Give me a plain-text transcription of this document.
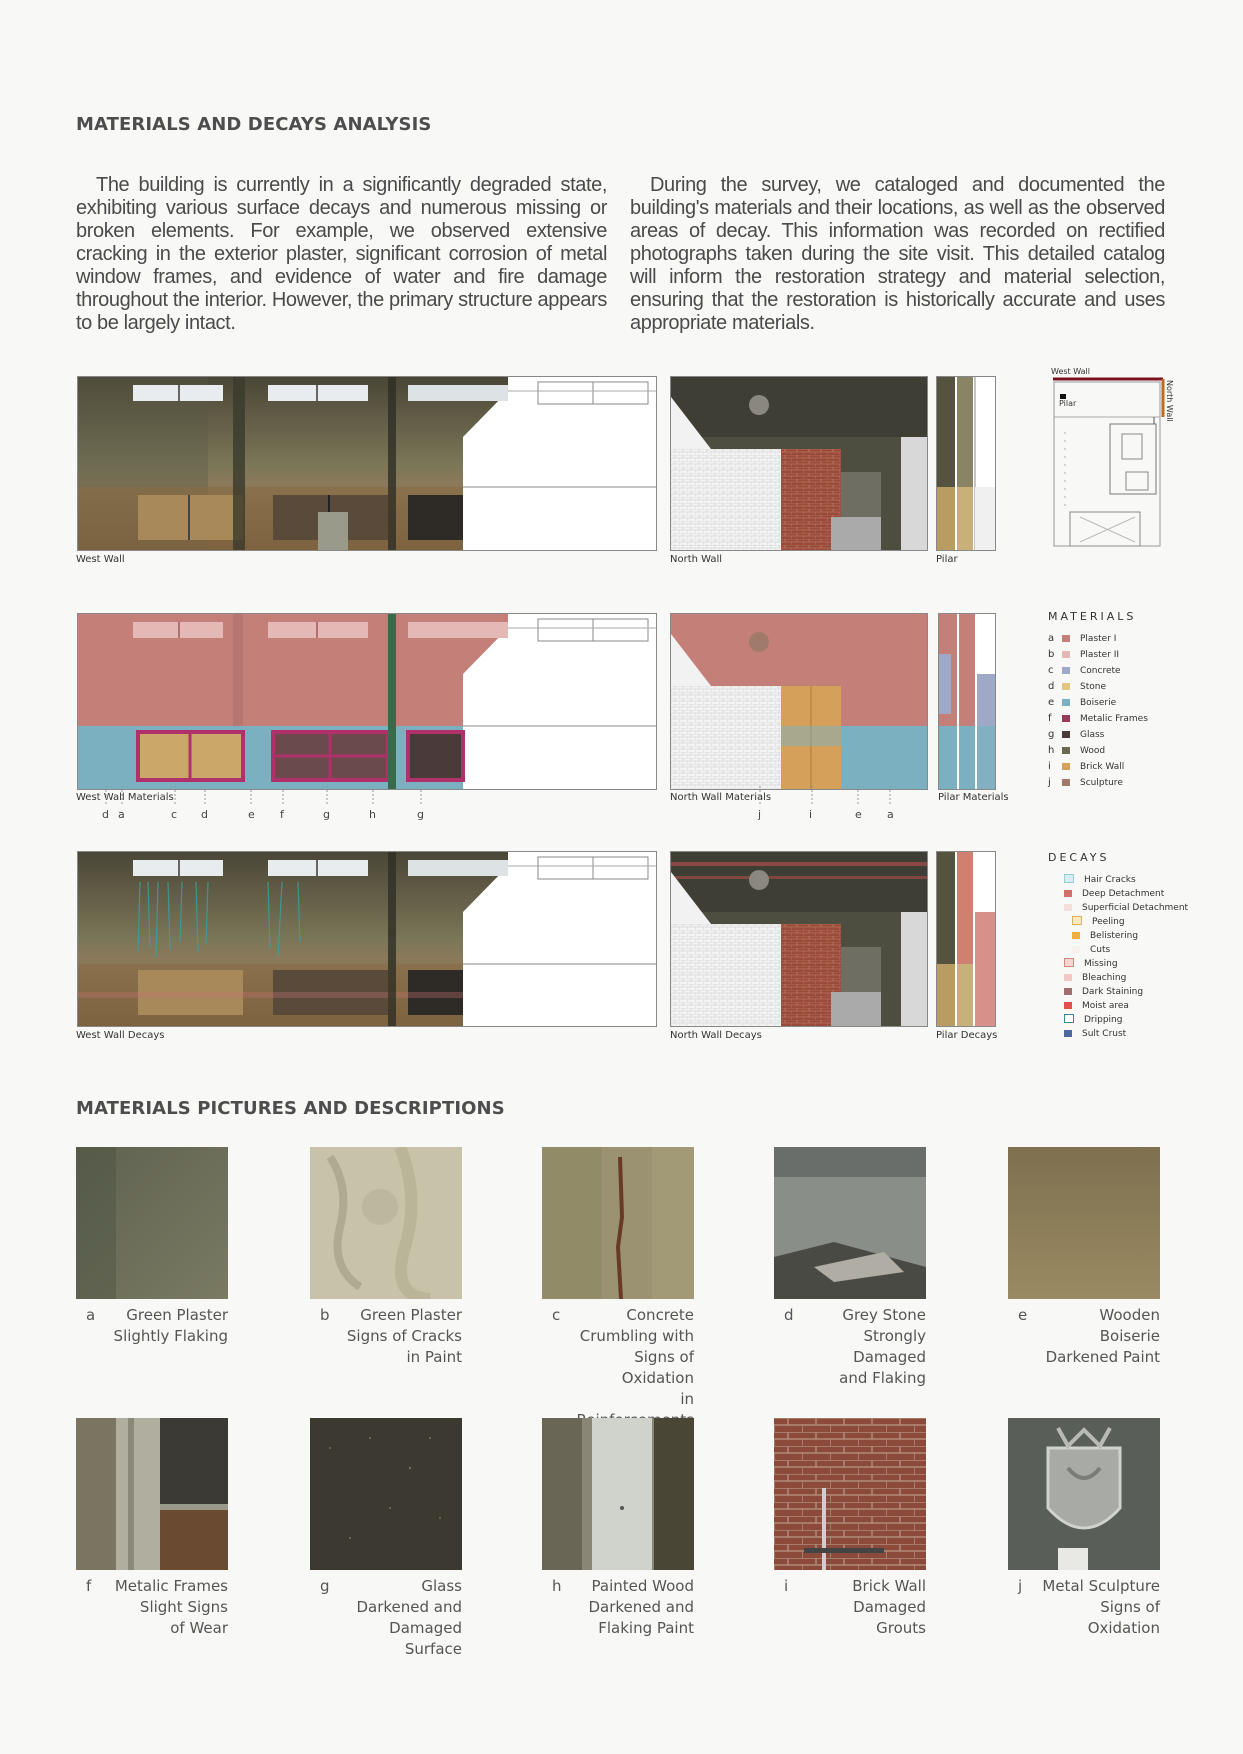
MATERIALS AND DECAYS ANALYSIS
The building is currently in a significantly degraded state, exhibiting various surface decays and numerous missing or broken elements. For example, we observed extensive cracking in the exterior plaster, significant corrosion of metal window frames, and evidence of water and fire damage throughout the interior. However, the primary structure appears to be largely intact.
During the survey, we cataloged and documented the building's materials and their locations, as well as the observed areas of decay. This information was recorded on rectified photographs taken during the site visit. This detailed catalog will inform the restoration strategy and material selection, ensuring that the restoration is historically accurate and uses appropriate materials.
West Wall	North Wall	Pilar
West Wall
Pilar	North Wall
West Wall Materials
d a	c d	e f	g	h	g
North Wall Materials
j	i	e a
Pilar Materials
West Wall Decays	North Wall Decays	Pilar Decays
MATERIALS
a	Plaster I
b	Plaster II
c	Concrete
d	Stone
e	Boiserie
f	Metalic Frames
g	Glass
h	Wood
i	Brick Wall
j	Sculpture
DECAYS
Hair Cracks
Deep Detachment
Superficial Detachment
Peeling
Belistering
Cuts
Missing
Bleaching
Dark Staining
Moist area
Dripping
Sult Crust
MATERIALS PICTURES AND DESCRIPTIONS
a	Green Plaster
Slightly Flaking
b	Green Plaster
Signs of Cracks
in Paint
c	Concrete
Crumbling with
Signs of Oxidation
in
d	Grey Stone
Strongly Damaged
and Flaking
e	Wooden Boiserie
Darkened Paint
f	Metalic Frames
Slight Signs
of Wear
g	Glass
Darkened and
Damaged Surface
h	Painted Wood
Darkened and
Flaking Paint
i	Brick Wall
Damaged Grouts
j	Metal Sculpture
Signs of Oxidation
